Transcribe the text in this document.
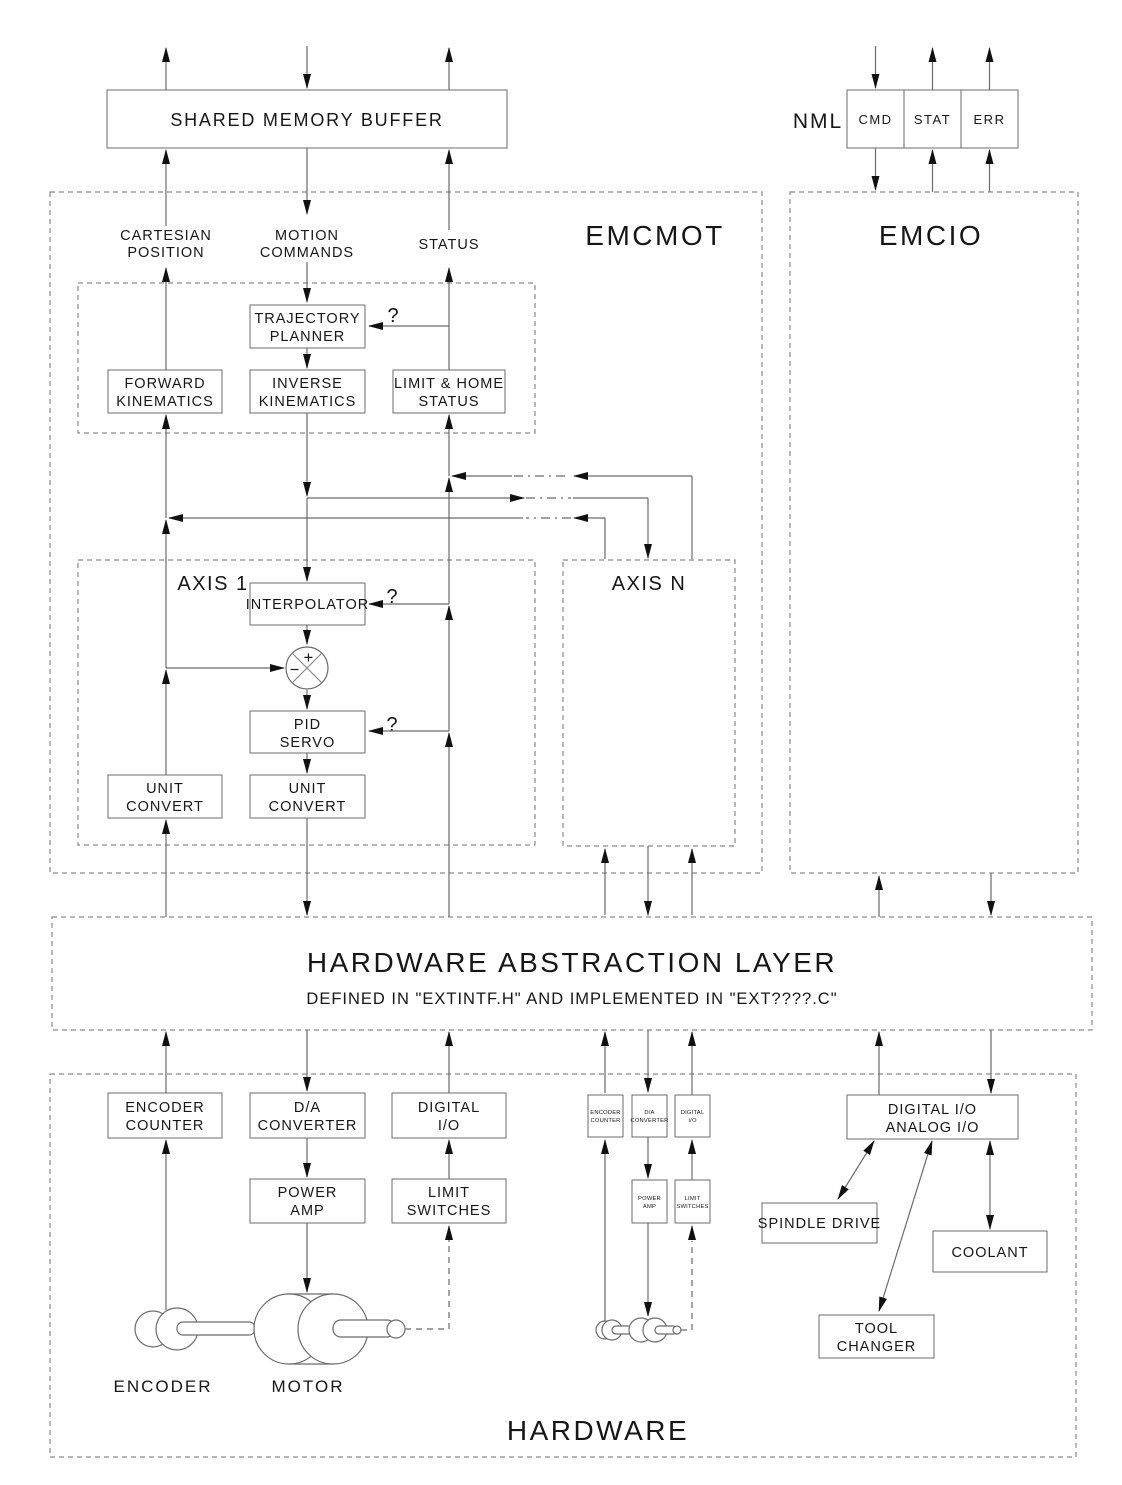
SHARED MEMORY BUFFER	NML CMD STAT ERR
EMCMOT	EMCIO
CARTESIAN
POSITION
MOTION
COMMANDS	STATUS
TRAJECTORY
PLANNER
FORWARD
KINEMATICS
INVERSE
KINEMATICS
LIMIT & HOME
STATUS
?
AXIS 1
INTERPOLATOR ?
+
−
PID
SERVO
?
UNIT
CONVERT
UNIT
CONVERT
AXIS N
HARDWARE ABSTRACTION LAYER
DEFINED IN "EXTINTF.H" AND IMPLEMENTED IN "EXT????.C"
ENCODER
COUNTER
D/A
CONVERTER
DIGITAL
I/O
POWER
AMP
LIMIT
SWITCHES
ENCODER	MOTOR
ENCODER
COUNTER
D/A
CONVERTER
DIGITAL
I/O
POWER
AMP
LIMIT
SWITCHES
DIGITAL I/O
ANALOG I/O
SPINDLE DRIVE
COOLANT
TOOL
CHANGER
HARDWARE
